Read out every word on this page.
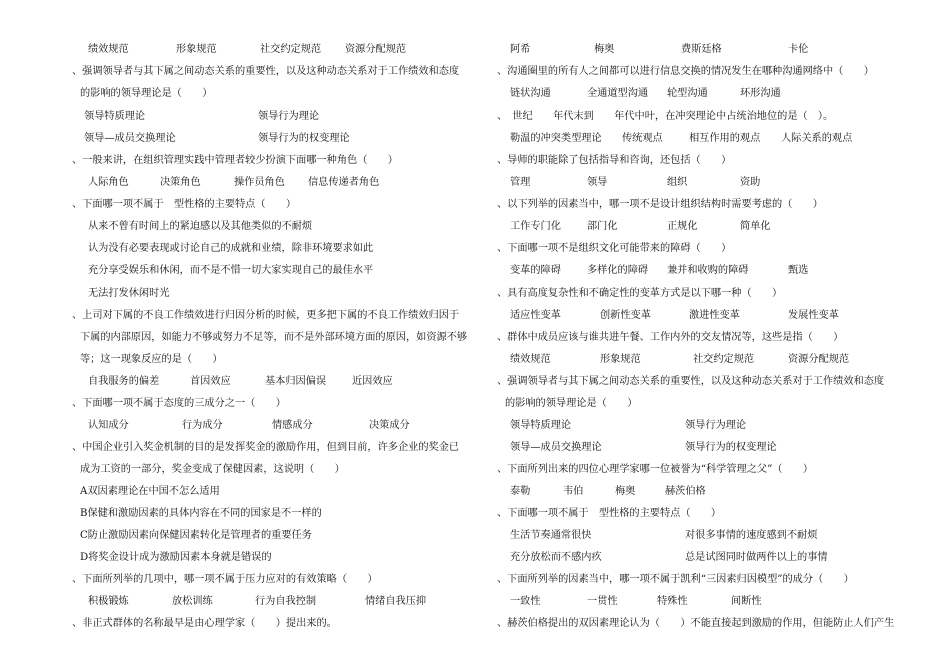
绩效规范	形象规范	社交约定规范 资源分配规范
、强调领导者与其下属之间动态关系的重要性，以及这种动态关系对于工作绩效和态度
的影响的领导理论是（　　）
领导特质理论	领导行为理论
领导—成员交换理论	领导行为的权变理论
、一般来讲，在组织管理实践中管理者较少扮演下面哪一种角色（　　）
人际角色	决策角色	操作员角色 信息传递者角色
、下面哪一项不属于　型性格的主要特点（　　）
从来不曾有时间上的紧迫感以及其他类似的不耐烦
认为没有必要表现或讨论自己的成就和业绩，除非环境要求如此
充分享受娱乐和休闲，而不是不惜一切大家实现自己的最佳水平
无法打发休闲时光
、上司对下属的不良工作绩效进行归因分析的时候，更多把下属的不良工作绩效归因于
下属的内部原因，如能力不够或努力不足等，而不是外部环境方面的原因，如资源不够
等；这一现象反应的是（　　）
自我服务的偏差	首因效应	基本归因偏误	近因效应
、下面哪一项不属于态度的三成分之一（　　）
认知成分	行为成分	情感成分	决策成分
、中国企业引入奖金机制的目的是发挥奖金的激励作用，但到目前，许多企业的奖金已
成为工资的一部分，奖金变成了保健因素，这说明（　　）
A双因素理论在中国不怎么适用
B保健和激励因素的具体内容在不同的国家是不一样的
C防止激励因素向保健因素转化是管理者的重要任务
D将奖金设计成为激励因素本身就是错误的
、下面所列举的几项中，哪一项不属于压力应对的有效策略（　　）
积极锻炼	放松训练	行为自我控制	情绪自我压抑
、非正式群体的名称最早是由心理学家（　　）提出来的。
阿希	梅奥	费斯廷格	卡伦
、沟通圈里的所有人之间都可以进行信息交换的情况发生在哪种沟通网络中（　　）
链状沟通	全通道型沟通 轮型沟通	环形沟通
、　世纪　　年代末到　　年代中叶，在冲突理论中占统治地位的是（　）。
勒温的冲突类型理论 传统观点	相互作用的观点 人际关系的观点
、导师的职能除了包括指导和咨询，还包括（　　）
管理	领导	组织	资助
、以下列举的因素当中，哪一项不是设计组织结构时需要考虑的（　　）
工作专门化	部门化	正规化	简单化
、下面哪一项不是组织文化可能带来的障碍（　　）
变革的障碍	多样化的障碍 兼并和收购的障碍	甄选
、具有高度复杂性和不确定性的变革方式是以下哪一种（　　）
适应性变革	创新性变革	激进性变革	发展性变革
、群体中成员应该与谁共进午餐、工作内外的交友情况等，这些是指（　　）
绩效规范	形象规范	社交约定规范	资源分配规范
、强调领导者与其下属之间动态关系的重要性，以及这种动态关系对于工作绩效和态度
的影响的领导理论是（　　）
领导特质理论	领导行为理论
领导—成员交换理论	领导行为的权变理论
、下面所列出来的四位心理学家哪一位被誉为“科学管理之父”（　　）
泰勒	韦伯	梅奥	赫茨伯格
、下面哪一项不属于　型性格的主要特点（　　）
生活节奏通常很快	对很多事情的速度感到不耐烦
充分放松而不感内疚	总是试图同时做两件以上的事情
、下面所列举的因素当中，哪一项不属于凯利“三因素归因模型”的成分（　　）
一致性	一贯性	特殊性	间断性
、赫茨伯格提出的双因素理论认为（　　）不能直接起到激励的作用，但能防止人们产生
